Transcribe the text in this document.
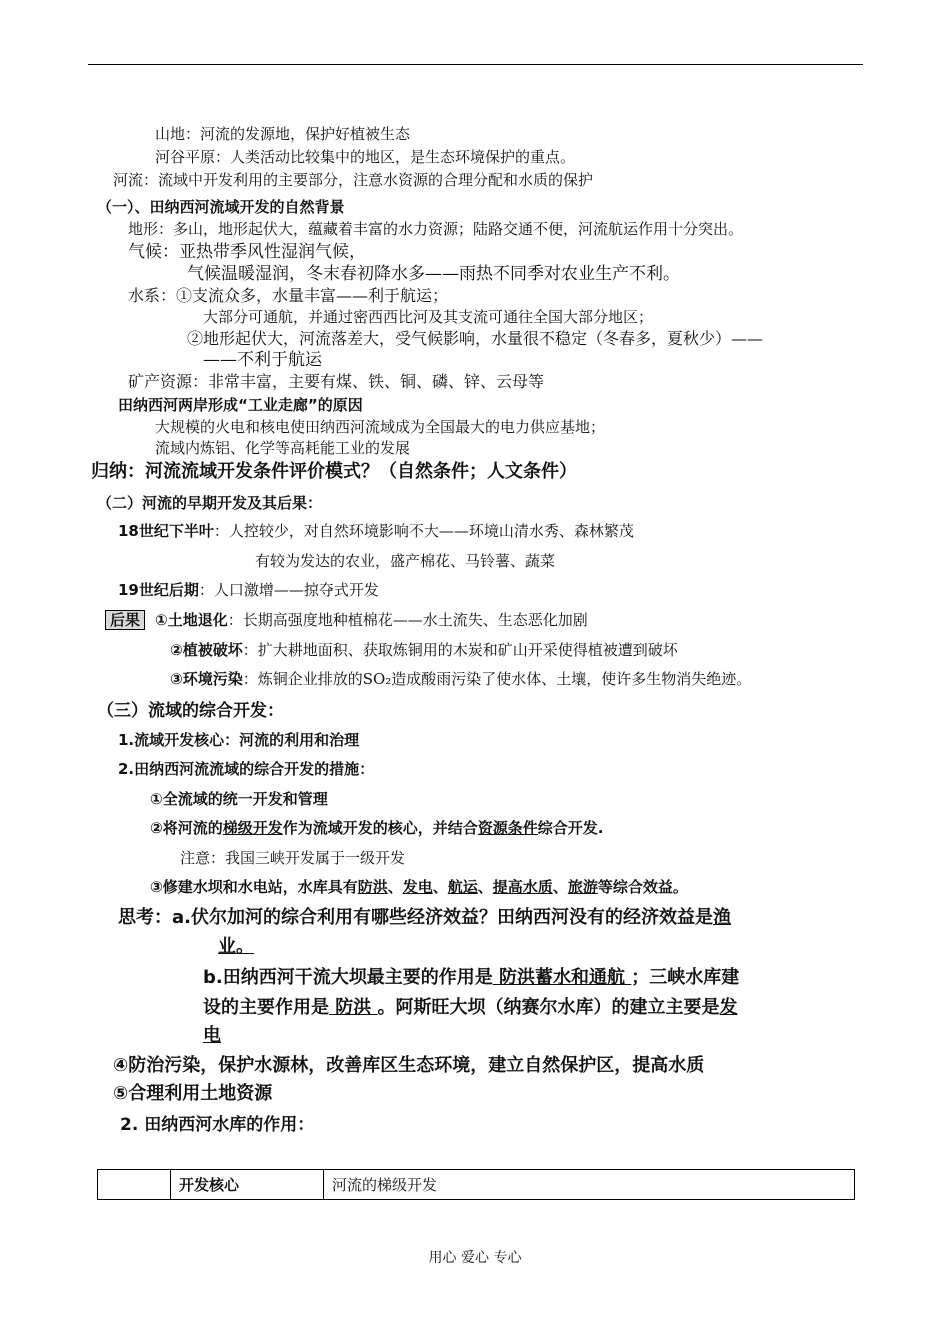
山地：河流的发源地，保护好植被生态
河谷平原：人类活动比较集中的地区，是生态环境保护的重点。
河流：流域中开发利用的主要部分，注意水资源的合理分配和水质的保护
（一）、田纳西河流域开发的自然背景
地形：多山，地形起伏大，蕴藏着丰富的水力资源；陆路交通不便，河流航运作用十分突出。
气候：亚热带季风性湿润气候，
气候温暖湿润，冬末春初降水多——雨热不同季对农业生产不利。
水系：①支流众多，水量丰富——利于航运；
大部分可通航，并通过密西西比河及其支流可通往全国大部分地区；
②地形起伏大，河流落差大，受气候影响，水量很不稳定（冬春多，夏秋少）——
——不利于航运
矿产资源：非常丰富，主要有煤、铁、铜、磷、锌、云母等
田纳西河两岸形成“工业走廊”的原因
大规模的火电和核电使田纳西河流域成为全国最大的电力供应基地；
流域内炼铝、化学等高耗能工业的发展
归纳：河流流域开发条件评价模式？（自然条件；人文条件）
（二）河流的早期开发及其后果：
18世纪下半叶：人控较少，对自然环境影响不大——环境山清水秀、森林繁茂
有较为发达的农业，盛产棉花、马铃薯、蔬菜
19世纪后期：人口激增——掠夺式开发
后果 ①土地退化：长期高强度地种植棉花——水土流失、生态恶化加剧
②植被破坏：扩大耕地面积、获取炼铜用的木炭和矿山开采使得植被遭到破坏
③环境污染：炼铜企业排放的SO₂造成酸雨污染了使水体、土壤，使许多生物消失绝迹。
（三）流域的综合开发：
1.流域开发核心：河流的利用和治理
2.田纳西河流流域的综合开发的措施：
①全流域的统一开发和管理
②将河流的梯级开发作为流域开发的核心，并结合资源条件综合开发.
注意：我国三峡开发属于一级开发
③修建水坝和水电站，水库具有防洪、发电、航运、提高水质、旅游等综合效益。
思考：a.伏尔加河的综合利用有哪些经济效益？田纳西河没有的经济效益是渔
业。
b.田纳西河干流大坝最主要的作用是 防洪蓄水和通航 ；三峡水库建
设的主要作用是 防洪 。阿斯旺大坝（纳赛尔水库）的建立主要是发
电
④防治污染，保护水源林，改善库区生态环境，建立自然保护区，提高水质
⑤合理利用土地资源
2. 田纳西河水库的作用：
	开发核心	河流的梯级开发
用心 爱心 专心
